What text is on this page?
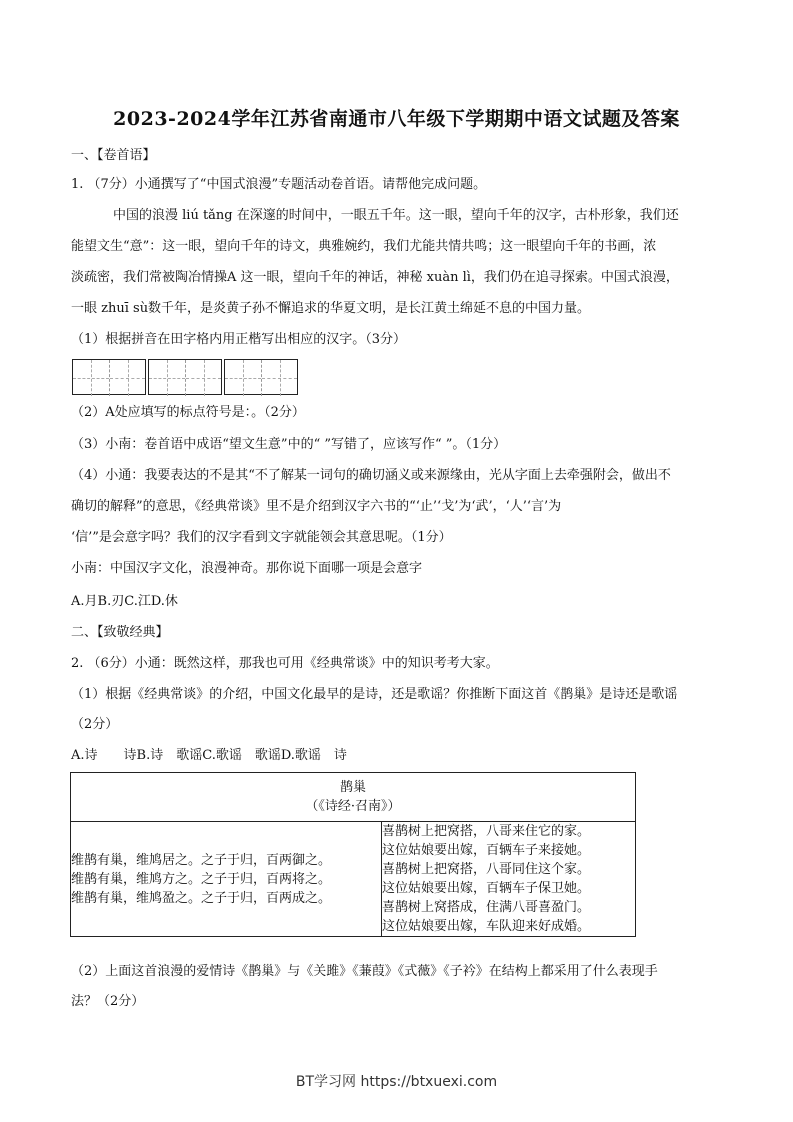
2023-2024学年江苏省南通市八年级下学期期中语文试题及答案
一、【卷首语】
1. （7分）小通撰写了“中国式浪漫”专题活动卷首语。请帮他完成问题。
中国的浪漫 liú tǎng 在深邃的时间中，一眼五千年。这一眼，望向千年的汉字，古朴形象，我们还
能望文生“意”：这一眼，望向千年的诗文，典雅婉约，我们尤能共情共鸣；这一眼望向千年的书画，浓
淡疏密，我们常被陶冶情操A 这一眼，望向千年的神话，神秘 xuàn lì，我们仍在追寻探索。中国式浪漫，
一眼 zhuī sù数千年，是炎黄子孙不懈追求的华夏文明，是长江黄土绵延不息的中国力量。
（1）根据拼音在田字格内用正楷写出相应的汉字。（3分）
（2）A处应填写的标点符号是：。（2分）
（3）小南：卷首语中成语“望文生意”中的“ ”写错了，应该写作“ ”。（1分）
（4）小通：我要表达的不是其“不了解某一词句的确切涵义或来源缘由，光从字面上去牵强附会，做出不
确切的解释”的意思，《经典常谈》里不是介绍到汉字六书的“‘止’‘戈’为‘武’，‘人’‘言’为
‘信’”是会意字吗？我们的汉字看到文字就能领会其意思呢。（1分）
小南：中国汉字文化，浪漫神奇。那你说下面哪一项是会意字
A.月B.刃C.江D.休
二、【致敬经典】
2. （6分）小通：既然这样，那我也可用《经典常谈》中的知识考考大家。
（1）根据《经典常谈》的介绍，中国文化最早的是诗，还是歌谣？你推断下面这首《鹊巢》是诗还是歌谣
（2分）
A.诗　　诗B.诗　歌谣C.歌谣　歌谣D.歌谣　诗
鹊巢
（《诗经·召南》）

维鹊有巢，维鸠居之。之子于归，百两御之。
维鹊有巢，维鸠方之。之子于归，百两将之。
维鹊有巢，维鸠盈之。之子于归，百两成之。

喜鹊树上把窝搭，八哥来住它的家。
这位姑娘要出嫁，百辆车子来接她。
喜鹊树上把窝搭，八哥同住这个家。
这位姑娘要出嫁，百辆车子保卫她。
喜鹊树上窝搭成，住满八哥喜盈门。
这位姑娘要出嫁，车队迎来好成婚。
（2）上面这首浪漫的爱情诗《鹊巢》与《关雎》《蒹葭》《式薇》《子衿》在结构上都采用了什么表现手
法？（2分）
BT学习网 https://btxuexi.com
